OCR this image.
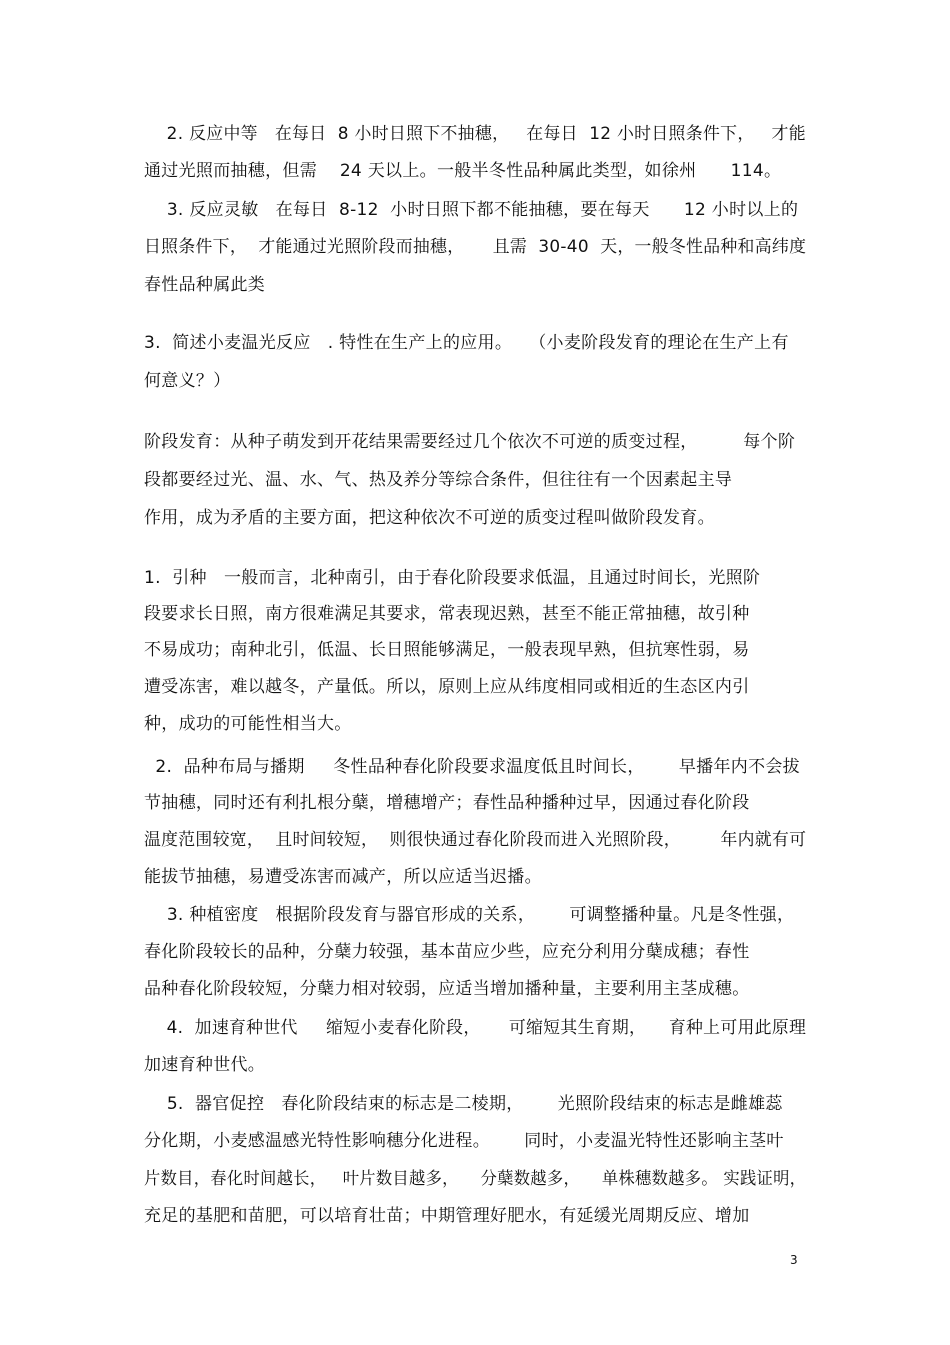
2. 反应中等   在每日  8 小时日照下不抽穗，   在每日  12 小时日照条件下，   才能

通过光照而抽穗，但需    24 天以上。一般半冬性品种属此类型，如徐州      114。

3. 反应灵敏   在每日  8-12  小时日照下都不能抽穗，要在每天      12 小时以上的

日照条件下，  才能通过光照阶段而抽穗，     且需  30-40  天，一般冬性品种和高纬度

春性品种属此类

3.  简述小麦温光反应   . 特性在生产上的应用。   （小麦阶段发育的理论在生产上有

何意义？）

阶段发育：从种子萌发到开花结果需要经过几个依次不可逆的质变过程，        每个阶

段都要经过光、温、水、气、热及养分等综合条件，但往往有一个因素起主导

作用，成为矛盾的主要方面，把这种依次不可逆的质变过程叫做阶段发育。

1.  引种   一般而言，北种南引，由于春化阶段要求低温，且通过时间长，光照阶

段要求长日照，南方很难满足其要求，常表现迟熟，甚至不能正常抽穗，故引种

不易成功；南种北引，低温、长日照能够满足，一般表现早熟，但抗寒性弱，易

遭受冻害，难以越冬，产量低。所以，原则上应从纬度相同或相近的生态区内引

种，成功的可能性相当大。

2.  品种布局与播期     冬性品种春化阶段要求温度低且时间长，      早播年内不会拔

节抽穗，同时还有利扎根分蘖，增穗增产；春性品种播种过早，因通过春化阶段

温度范围较宽，  且时间较短，  则很快通过春化阶段而进入光照阶段，       年内就有可

能拔节抽穗，易遭受冻害而减产，所以应适当迟播。

3. 种植密度   根据阶段发育与器官形成的关系，      可调整播种量。凡是冬性强，

春化阶段较长的品种，分蘖力较强，基本苗应少些，应充分利用分蘖成穗；春性

品种春化阶段较短，分蘖力相对较弱，应适当增加播种量，主要利用主茎成穗。

4.  加速育种世代     缩短小麦春化阶段，     可缩短其生育期，    育种上可用此原理

加速育种世代。

5.  器官促控   春化阶段结束的标志是二棱期，      光照阶段结束的标志是雌雄蕊

分化期，小麦感温感光特性影响穗分化进程。      同时，小麦温光特性还影响主茎叶

片数目，春化时间越长，   叶片数目越多，    分蘖数越多，    单株穗数越多。 实践证明，

充足的基肥和苗肥，可以培育壮苗；中期管理好肥水，有延缓光周期反应、增加

3
